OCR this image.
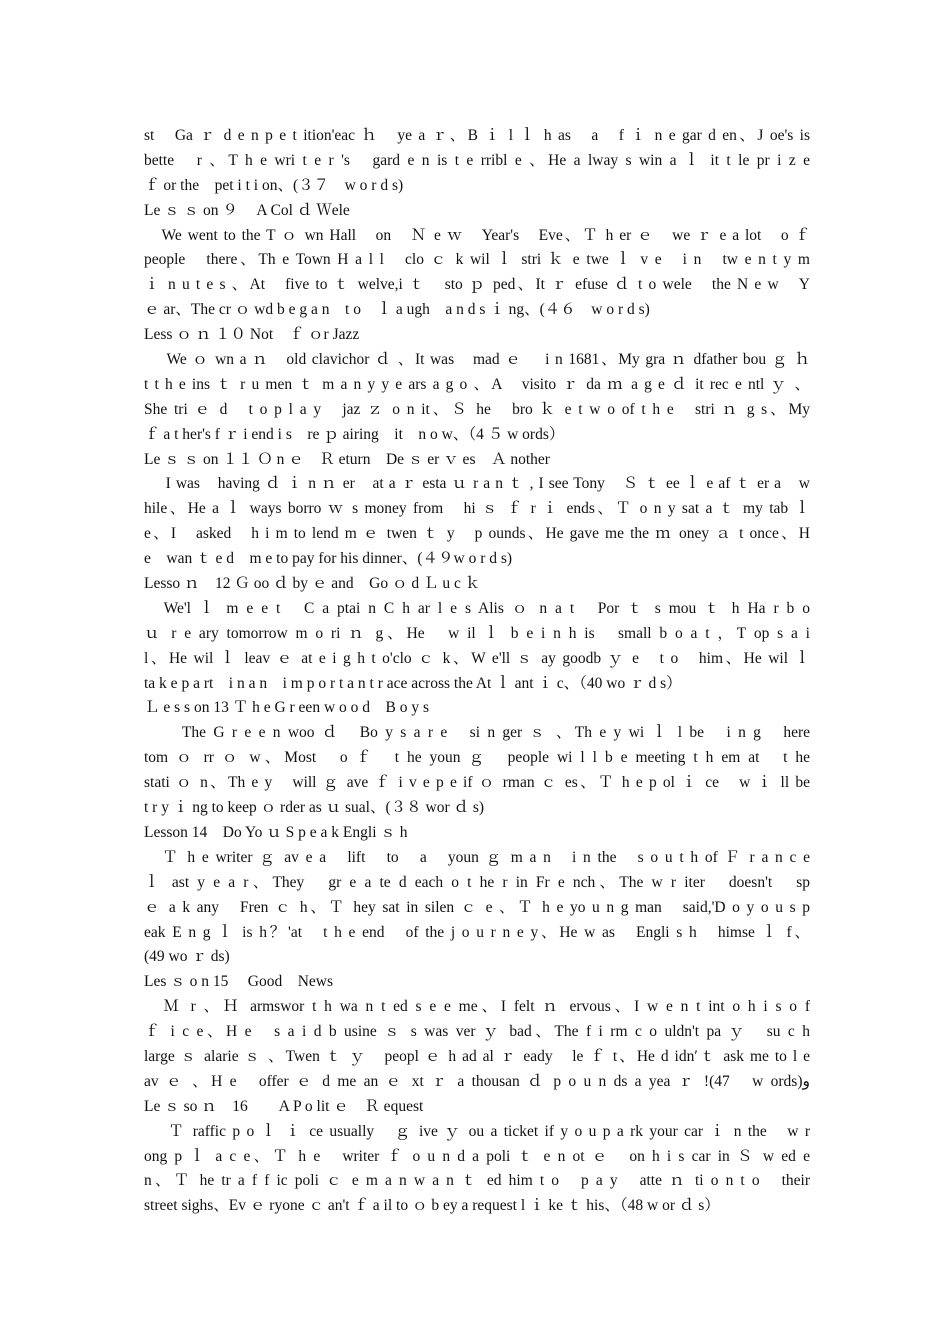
st　Ga ｒ d e n p e t ition'eac ｈ　ye a ｒ、B ｉ l ｌ h as　a　f ｉ n e gar d en、J oe's is
bette　r 、T h e wri t e r 's　gard e n is t e rribl e 、He a lway s win a ｌ it t le pr i z e
ｆ or the　pet i t i on、(３７　w o r d s)
Le ｓ ｓ on ９　 A Col ｄ Ｗele
　We went to the T ｏ wn Hall　on　Ｎ e ｗ　Year's　Eve、Ｔ h er ｅ　we ｒ e a lot　o ｆ
people　there、Th e Town H a l l　clo ｃ k wil ｌ stri ｋ e twe ｌ v e　i n　tw e n t y m
ｉ n u t e s 、At　five to ｔ welve,i ｔ　sto ｐ ped、It ｒ efuse ｄ t o wele　the N e w　Y
ｅ ar、The cr ｏ wd b e g a n　t o　ｌ a ugh　a n d s ｉ ng、(４６　w o r d s)
Less ｏ ｎ １０ Not　ｆ ｏr Jazz
　 We ｏ wn a ｎ　old clavichor ｄ 、It was　mad ｅ　 i n 1681、My gra ｎ dfather bou ｇ ｈ
t t h e ins ｔ r u men ｔ m a n y y e ars a g o 、A　visito ｒ da ｍ a g e ｄ it rec e ntl ｙ 、
She tri ｅ d　t o p l a y　jaz ｚ o n it、Ｓ he　bro ｋ e t w o of t h e　stri ｎ g s、My
ｆ a t her's f ｒ i end i s　re ｐ airing　it　n o w、（4 ５ w ords）
Le ｓ ｓ on １１ Ｏ n ｅ　Ｒ eturn　De ｓ er ｖ es　Ａ nother
　 I was　having ｄ ｉ n ｎ er　at a ｒ esta ｕ r a n ｔ , I see Tony　Ｓ ｔ ee ｌ e af ｔ er a　w
hile、He a ｌ ways borro ｗ s money from　hi ｓ ｆ r ｉ ends、Ｔ o n y sat a ｔ my tab ｌ
e、I　asked　h i m to lend m ｅ twen ｔ y　p ounds、He gave me the ｍ oney ａ t once、H
e　wan ｔ e d　m e to pay for his dinner、(４９w o r d s)
Lesso ｎ　12 Ｇ oo ｄ by ｅ and　Go ｏ d Ｌ u c ｋ
　We'l ｌ m e e t　C a ptai n C h ar l e s Alis ｏ n a t　Por ｔ s mou ｔ h Ha r b o
ｕ r e ary tomorrow m o ri ｎ g、He　w il ｌ b e i n h is　small b o a t ，T op s a i
l、He wil ｌ leav ｅ at e i g h t o'clo ｃ k、W e'll ｓ ay goodb ｙ e　t o　him、He wil ｌ
ta k e p a rt　i n a n　i m p o r t a n t r ace across the At ｌ ant ｉ c、（40 wo ｒ d s）
Ｌ e s s on 13 Ｔ h e G r een w o o d　B o y s
　　The G r e e n woo ｄ　Bo y s a r e　si n ger ｓ 、Th e y wi ｌ l be　i n g　here
tom ｏ rr ｏ w、Most　o ｆ　t he youn ｇ　people wi l l b e meeting t h em at　t he
stati ｏ n、Th e y　will ｇ ave ｆ i v e p e if ｏ rman ｃ es、Ｔ h e p ol ｉ ce　w ｉ ll be
t r y ｉ ng to keep ｏ rder as ｕ sual、(３８ wor ｄ s)
Lesson 14　Do Yo ｕ S p e a k Engli ｓ h
　Ｔ h e writer ｇ av e a　lift　to　a　youn ｇ m a n　i n the　s o u t h of Ｆ r a n c e
ｌ ast y e a r、They　gr e a te d each o t he r in Fr e nch、The w r iter　doesn't　sp
ｅ a k any　Fren ｃ h、Ｔ hey sat in silen ｃ e 、Ｔ h e yo u n g man　said,'D o y o u s p
eak E n g ｌ is h？'at　t h e end　of the j o u r n e y、He w as　Engli s h　himse ｌ f、
(49 wo ｒ ds)
Les ｓ o n 15　 Good　News
　Ｍ r 、Ｈ armswor t h wa n t ed s e e me、I felt ｎ ervous、I w e n t int o h i s o f
ｆ i c e、H e　s a i d b usine ｓ s was ver ｙ bad、The f i rm c o uldn't pa ｙ　su c h
large ｓ alarie ｓ 、Twen ｔ ｙ　peopl ｅ h ad al ｒ eady　le ｆ t、He d idn′ｔ ask me to l e
av ｅ 、H e　offer ｅ d me an ｅ xt ｒ a thousan ｄ p o u n ds a yea ｒ !(47　w ords)و
Le ｓ so ｎ　16　　A P o lit ｅ　Ｒ equest
　 Ｔ raffic p o ｌ ｉ ce usually　ｇ ive ｙ ou a ticket if y o u p a rk your car ｉ n the　w r
ong p ｌ a c e、Ｔ h e　writer ｆ o u n d a poli ｔ e n ot ｅ　on h i s car in Ｓ w ed e
n、Ｔ he tr a f f ic poli ｃ e m a n w a n ｔ ed him t o　p a y　atte ｎ ti o n t o　their
street sighs、Ev ｅ ryone ｃ an't ｆ a il to ｏ b ey a request l ｉ ke ｔ his、（48 w or ｄ s）
